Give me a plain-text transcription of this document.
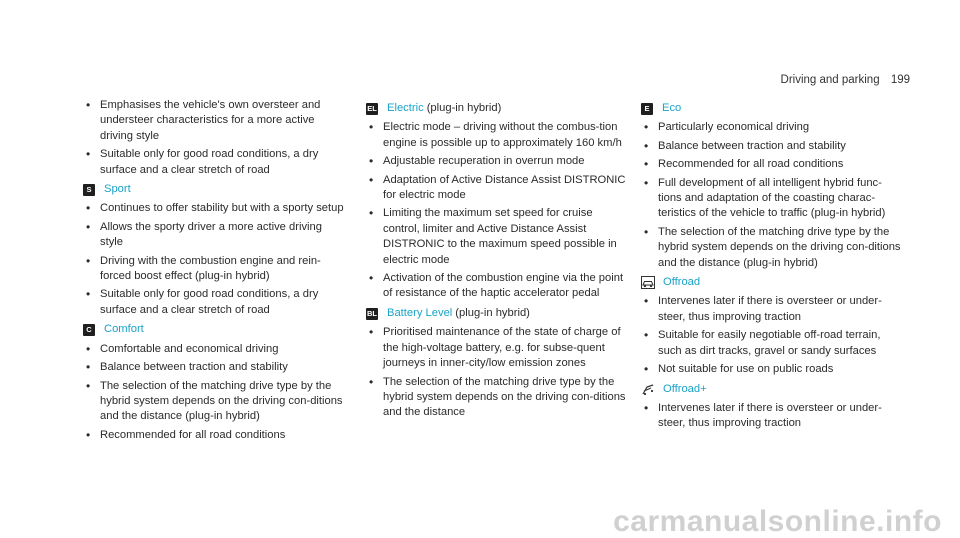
Driving and parking 199
• Emphasises the vehicle's own oversteer and understeer characteristics for a more active driving style
• Suitable only for good road conditions, a dry surface and a clear stretch of road
S	Sport
• Continues to offer stability but with a sporty setup
• Allows the sporty driver a more active driving style
• Driving with the combustion engine and rein-forced boost effect (plug-in hybrid)
• Suitable only for good road conditions, a dry surface and a clear stretch of road
C Comfort
• Comfortable and economical driving
• Balance between traction and stability
• The selection of the matching drive type by the hybrid system depends on the driving con-ditions and the distance (plug-in hybrid)
• Recommended for all road conditions
EL Electric (plug-in hybrid)
• Electric mode – driving without the combus-tion engine is possible up to approximately 160 km/h
• Adjustable recuperation in overrun mode
• Adaptation of Active Distance Assist DISTRONIC for electric mode
• Limiting the maximum set speed for cruise control, limiter and Active Distance Assist DISTRONIC to the maximum speed possible in electric mode
• Activation of the combustion engine via the point of resistance of the haptic accelerator pedal
BL Battery Level (plug-in hybrid)
• Prioritised maintenance of the state of charge of the high-voltage battery, e.g. for subse-quent journeys in inner-city/low emission zones
• The selection of the matching drive type by the hybrid system depends on the driving con-ditions and the distance
E	Eco
• Particularly economical driving
• Balance between traction and stability
• Recommended for all road conditions
• Full development of all intelligent hybrid func-tions and adaptation of the coasting charac-teristics of the vehicle to traffic (plug-in hybrid)
• The selection of the matching drive type by the hybrid system depends on the driving con-ditions and the distance (plug-in hybrid)
Offroad
• Intervenes later if there is oversteer or under-steer, thus improving traction
• Suitable for easily negotiable off-road terrain, such as dirt tracks, gravel or sandy surfaces
• Not suitable for use on public roads
Offroad+
• Intervenes later if there is oversteer or under-steer, thus improving traction
carmanualsonline.info
